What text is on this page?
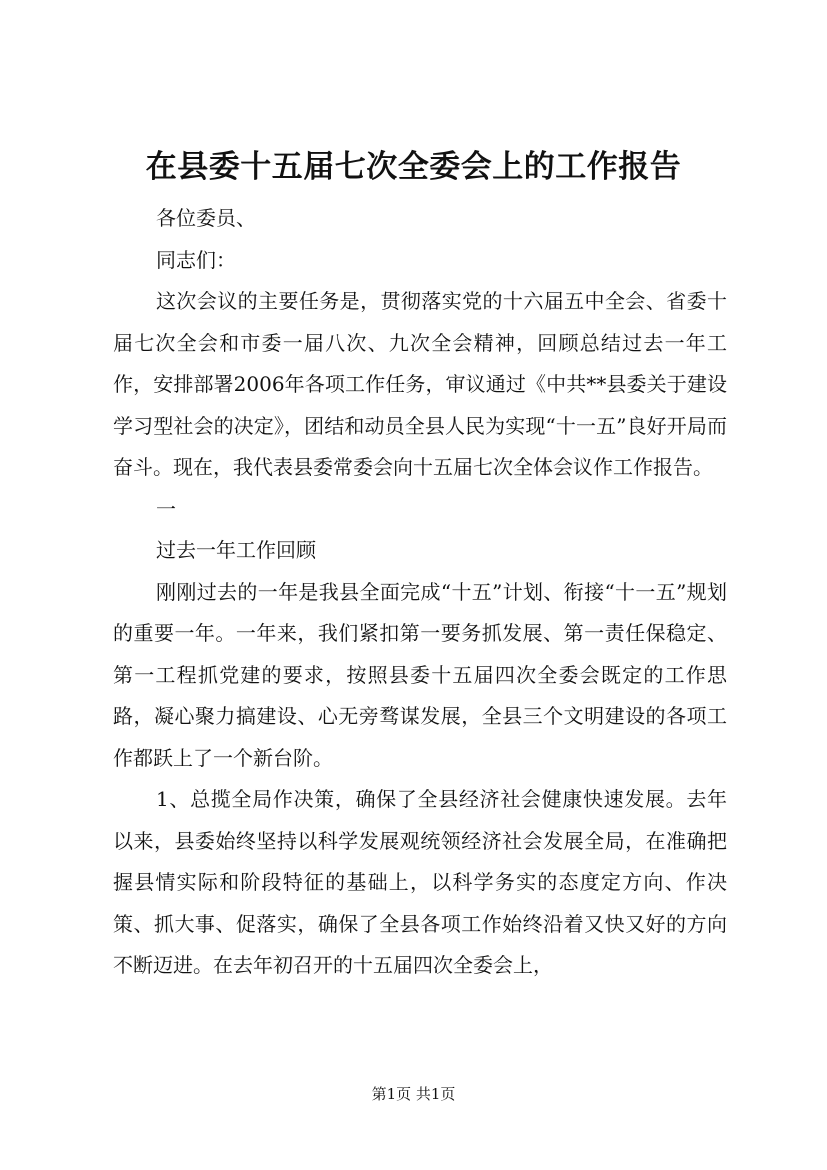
在县委十五届七次全委会上的工作报告

各位委员、

同志们：

这次会议的主要任务是，贯彻落实党的十六届五中全会、省委十届七次全会和市委一届八次、九次全会精神，回顾总结过去一年工作，安排部署2006年各项工作任务，审议通过《中共**县委关于建设学习型社会的决定》，团结和动员全县人民为实现“十一五”良好开局而奋斗。现在，我代表县委常委会向十五届七次全体会议作工作报告。

一

过去一年工作回顾

刚刚过去的一年是我县全面完成“十五”计划、衔接“十一五”规划的重要一年。一年来，我们紧扣第一要务抓发展、第一责任保稳定、第一工程抓党建的要求，按照县委十五届四次全委会既定的工作思路，凝心聚力搞建设、心无旁骛谋发展，全县三个文明建设的各项工作都跃上了一个新台阶。

1、总揽全局作决策，确保了全县经济社会健康快速发展。去年以来，县委始终坚持以科学发展观统领经济社会发展全局，在准确把握县情实际和阶段特征的基础上，以科学务实的态度定方向、作决策、抓大事、促落实，确保了全县各项工作始终沿着又快又好的方向不断迈进。在去年初召开的十五届四次全委会上，

第1页 共1页
